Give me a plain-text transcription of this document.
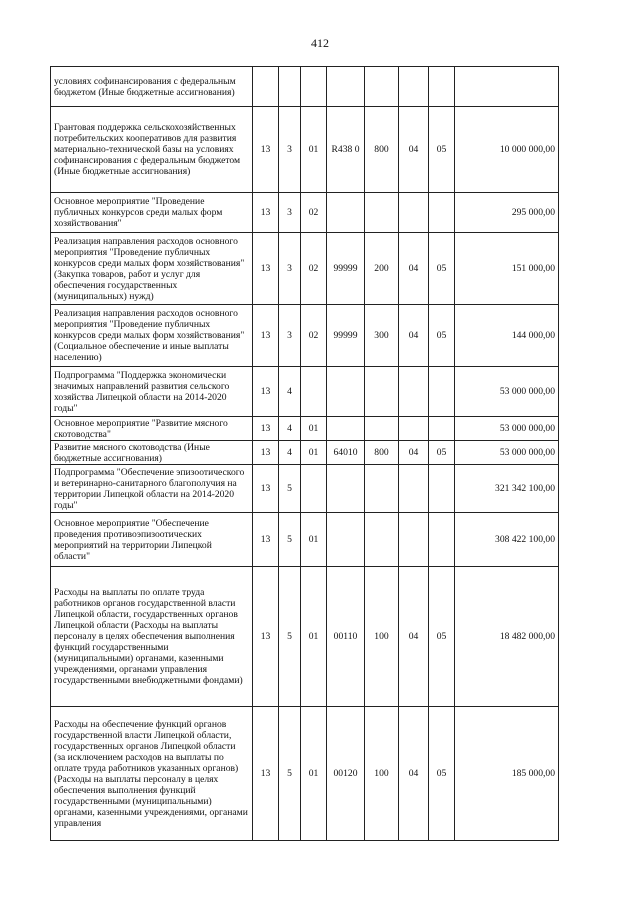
412
условиях софинансирования с федеральным бюджетом (Иные бюджетные ассигнования)								
Грантовая поддержка сельскохозяйственных потребительских кооперативов для развития материально-технической базы на условиях софинансирования с федеральным бюджетом (Иные бюджетные ассигнования)	13	3	01	R438 0	800	04	05	10 000 000,00
Основное мероприятие "Проведение публичных конкурсов среди малых форм хозяйствования"	13	3	02					295 000,00
Реализация направления расходов основного мероприятия "Проведение публичных конкурсов среди малых форм хозяйствования" (Закупка товаров, работ и услуг для обеспечения государственных (муниципальных) нужд)	13	3	02	99999	200	04	05	151 000,00
Реализация направления расходов основного мероприятия "Проведение публичных конкурсов среди малых форм хозяйствования" (Социальное обеспечение и иные выплаты населению)	13	3	02	99999	300	04	05	144 000,00
Подпрограмма "Поддержка экономически значимых направлений развития сельского хозяйства Липецкой области на 2014-2020 годы"	13	4						53 000 000,00
Основное мероприятие "Развитие мясного скотоводства"	13	4	01					53 000 000,00
Развитие мясного скотоводства (Иные бюджетные ассигнования)	13	4	01	64010	800	04	05	53 000 000,00
Подпрограмма "Обеспечение эпизоотического и ветеринарно-санитарного благополучия на территории Липецкой области на 2014-2020 годы"	13	5						321 342 100,00
Основное мероприятие "Обеспечение проведения противоэпизоотических мероприятий на территории Липецкой области"	13	5	01					308 422 100,00
Расходы на выплаты по оплате труда работников органов государственной власти Липецкой области, государственных органов Липецкой области (Расходы на выплаты персоналу в целях обеспечения выполнения функций государственными (муниципальными) органами, казенными учреждениями, органами управления государственными внебюджетными фондами)	13	5	01	00110	100	04	05	18 482 000,00
Расходы на обеспечение функций органов государственной власти Липецкой области, государственных органов Липецкой области (за исключением расходов на выплаты по оплате труда работников указанных органов) (Расходы на выплаты персоналу в целях обеспечения выполнения функций государственными (муниципальными) органами, казенными учреждениями, органами управления	13	5	01	00120	100	04	05	185 000,00
